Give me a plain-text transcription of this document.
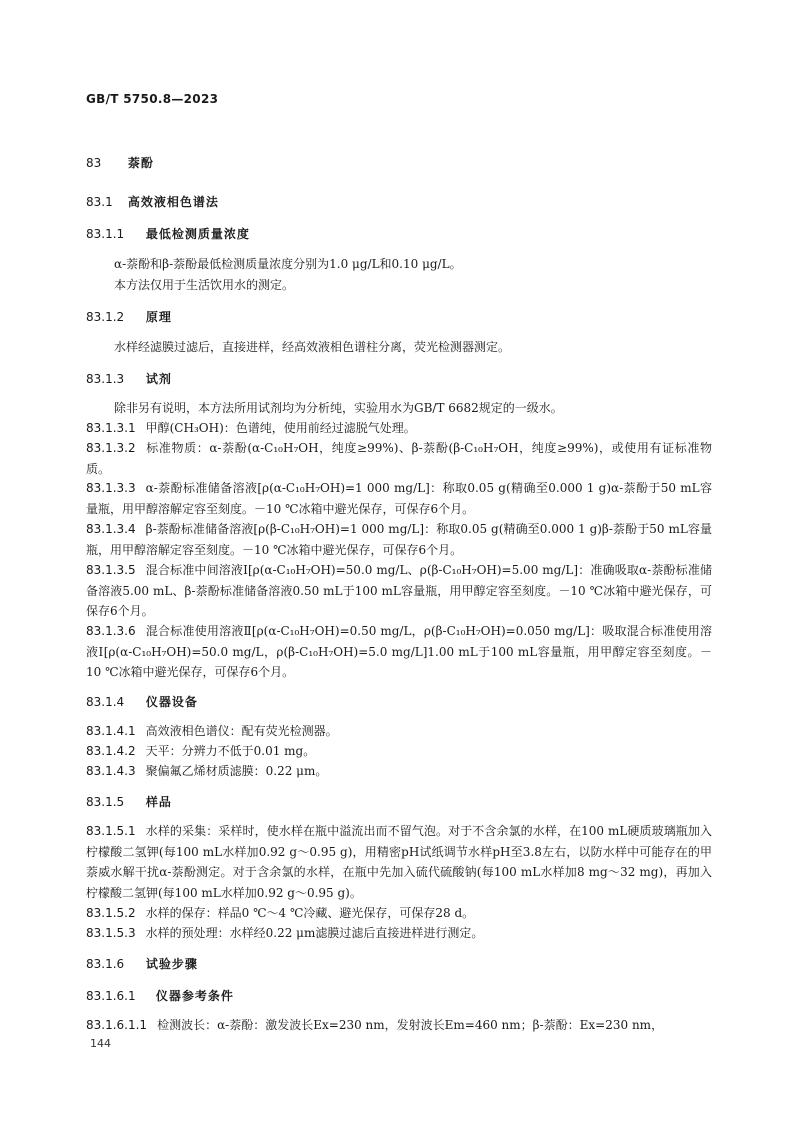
GB/T 5750.8—2023
83 萘酚
83.1 高效液相色谱法
83.1.1 最低检测质量浓度
α-萘酚和β-萘酚最低检测质量浓度分别为1.0 μg/L和0.10 μg/L。
本方法仅用于生活饮用水的测定。
83.1.2 原理
水样经滤膜过滤后，直接进样，经高效液相色谱柱分离，荧光检测器测定。
83.1.3 试剂
除非另有说明，本方法所用试剂均为分析纯，实验用水为GB/T 6682规定的一级水。
83.1.3.1 甲醇(CH₃OH)：色谱纯，使用前经过滤脱气处理。
83.1.3.2 标准物质：α-萘酚(α-C₁₀H₇OH，纯度≥99%)、β-萘酚(β-C₁₀H₇OH，纯度≥99%)，或使用有证标准物质。
83.1.3.3 α-萘酚标准储备溶液[ρ(α-C₁₀H₇OH)=1 000 mg/L]：称取0.05 g(精确至0.000 1 g)α-萘酚于50 mL容量瓶，用甲醇溶解定容至刻度。－10 ℃冰箱中避光保存，可保存6个月。
83.1.3.4 β-萘酚标准储备溶液[ρ(β-C₁₀H₇OH)=1 000 mg/L]：称取0.05 g(精确至0.000 1 g)β-萘酚于50 mL容量瓶，用甲醇溶解定容至刻度。－10 ℃冰箱中避光保存，可保存6个月。
83.1.3.5 混合标准中间溶液Ⅰ[ρ(α-C₁₀H₇OH)=50.0 mg/L、ρ(β-C₁₀H₇OH)=5.00 mg/L]：准确吸取α-萘酚标准储备溶液5.00 mL、β-萘酚标准储备溶液0.50 mL于100 mL容量瓶，用甲醇定容至刻度。－10 ℃冰箱中避光保存，可保存6个月。
83.1.3.6 混合标准使用溶液Ⅱ[ρ(α-C₁₀H₇OH)=0.50 mg/L，ρ(β-C₁₀H₇OH)=0.050 mg/L]：吸取混合标准使用溶液Ⅰ[ρ(α-C₁₀H₇OH)=50.0 mg/L，ρ(β-C₁₀H₇OH)=5.0 mg/L]1.00 mL于100 mL容量瓶，用甲醇定容至刻度。－10 ℃冰箱中避光保存，可保存6个月。
83.1.4 仪器设备
83.1.4.1 高效液相色谱仪：配有荧光检测器。
83.1.4.2 天平：分辨力不低于0.01 mg。
83.1.4.3 聚偏氟乙烯材质滤膜：0.22 μm。
83.1.5 样品
83.1.5.1 水样的采集：采样时，使水样在瓶中溢流出而不留气泡。对于不含余氯的水样，在100 mL硬质玻璃瓶加入柠檬酸二氢钾(每100 mL水样加0.92 g～0.95 g)，用精密pH试纸调节水样pH至3.8左右，以防水样中可能存在的甲萘威水解干扰α-萘酚测定。对于含余氯的水样，在瓶中先加入硫代硫酸钠(每100 mL水样加8 mg～32 mg)，再加入柠檬酸二氢钾(每100 mL水样加0.92 g～0.95 g)。
83.1.5.2 水样的保存：样品0 ℃～4 ℃冷藏、避光保存，可保存28 d。
83.1.5.3 水样的预处理：水样经0.22 μm滤膜过滤后直接进样进行测定。
83.1.6 试验步骤
83.1.6.1 仪器参考条件
83.1.6.1.1 检测波长：α-萘酚：激发波长Ex=230 nm，发射波长Em=460 nm；β-萘酚：Ex=230 nm，
144
